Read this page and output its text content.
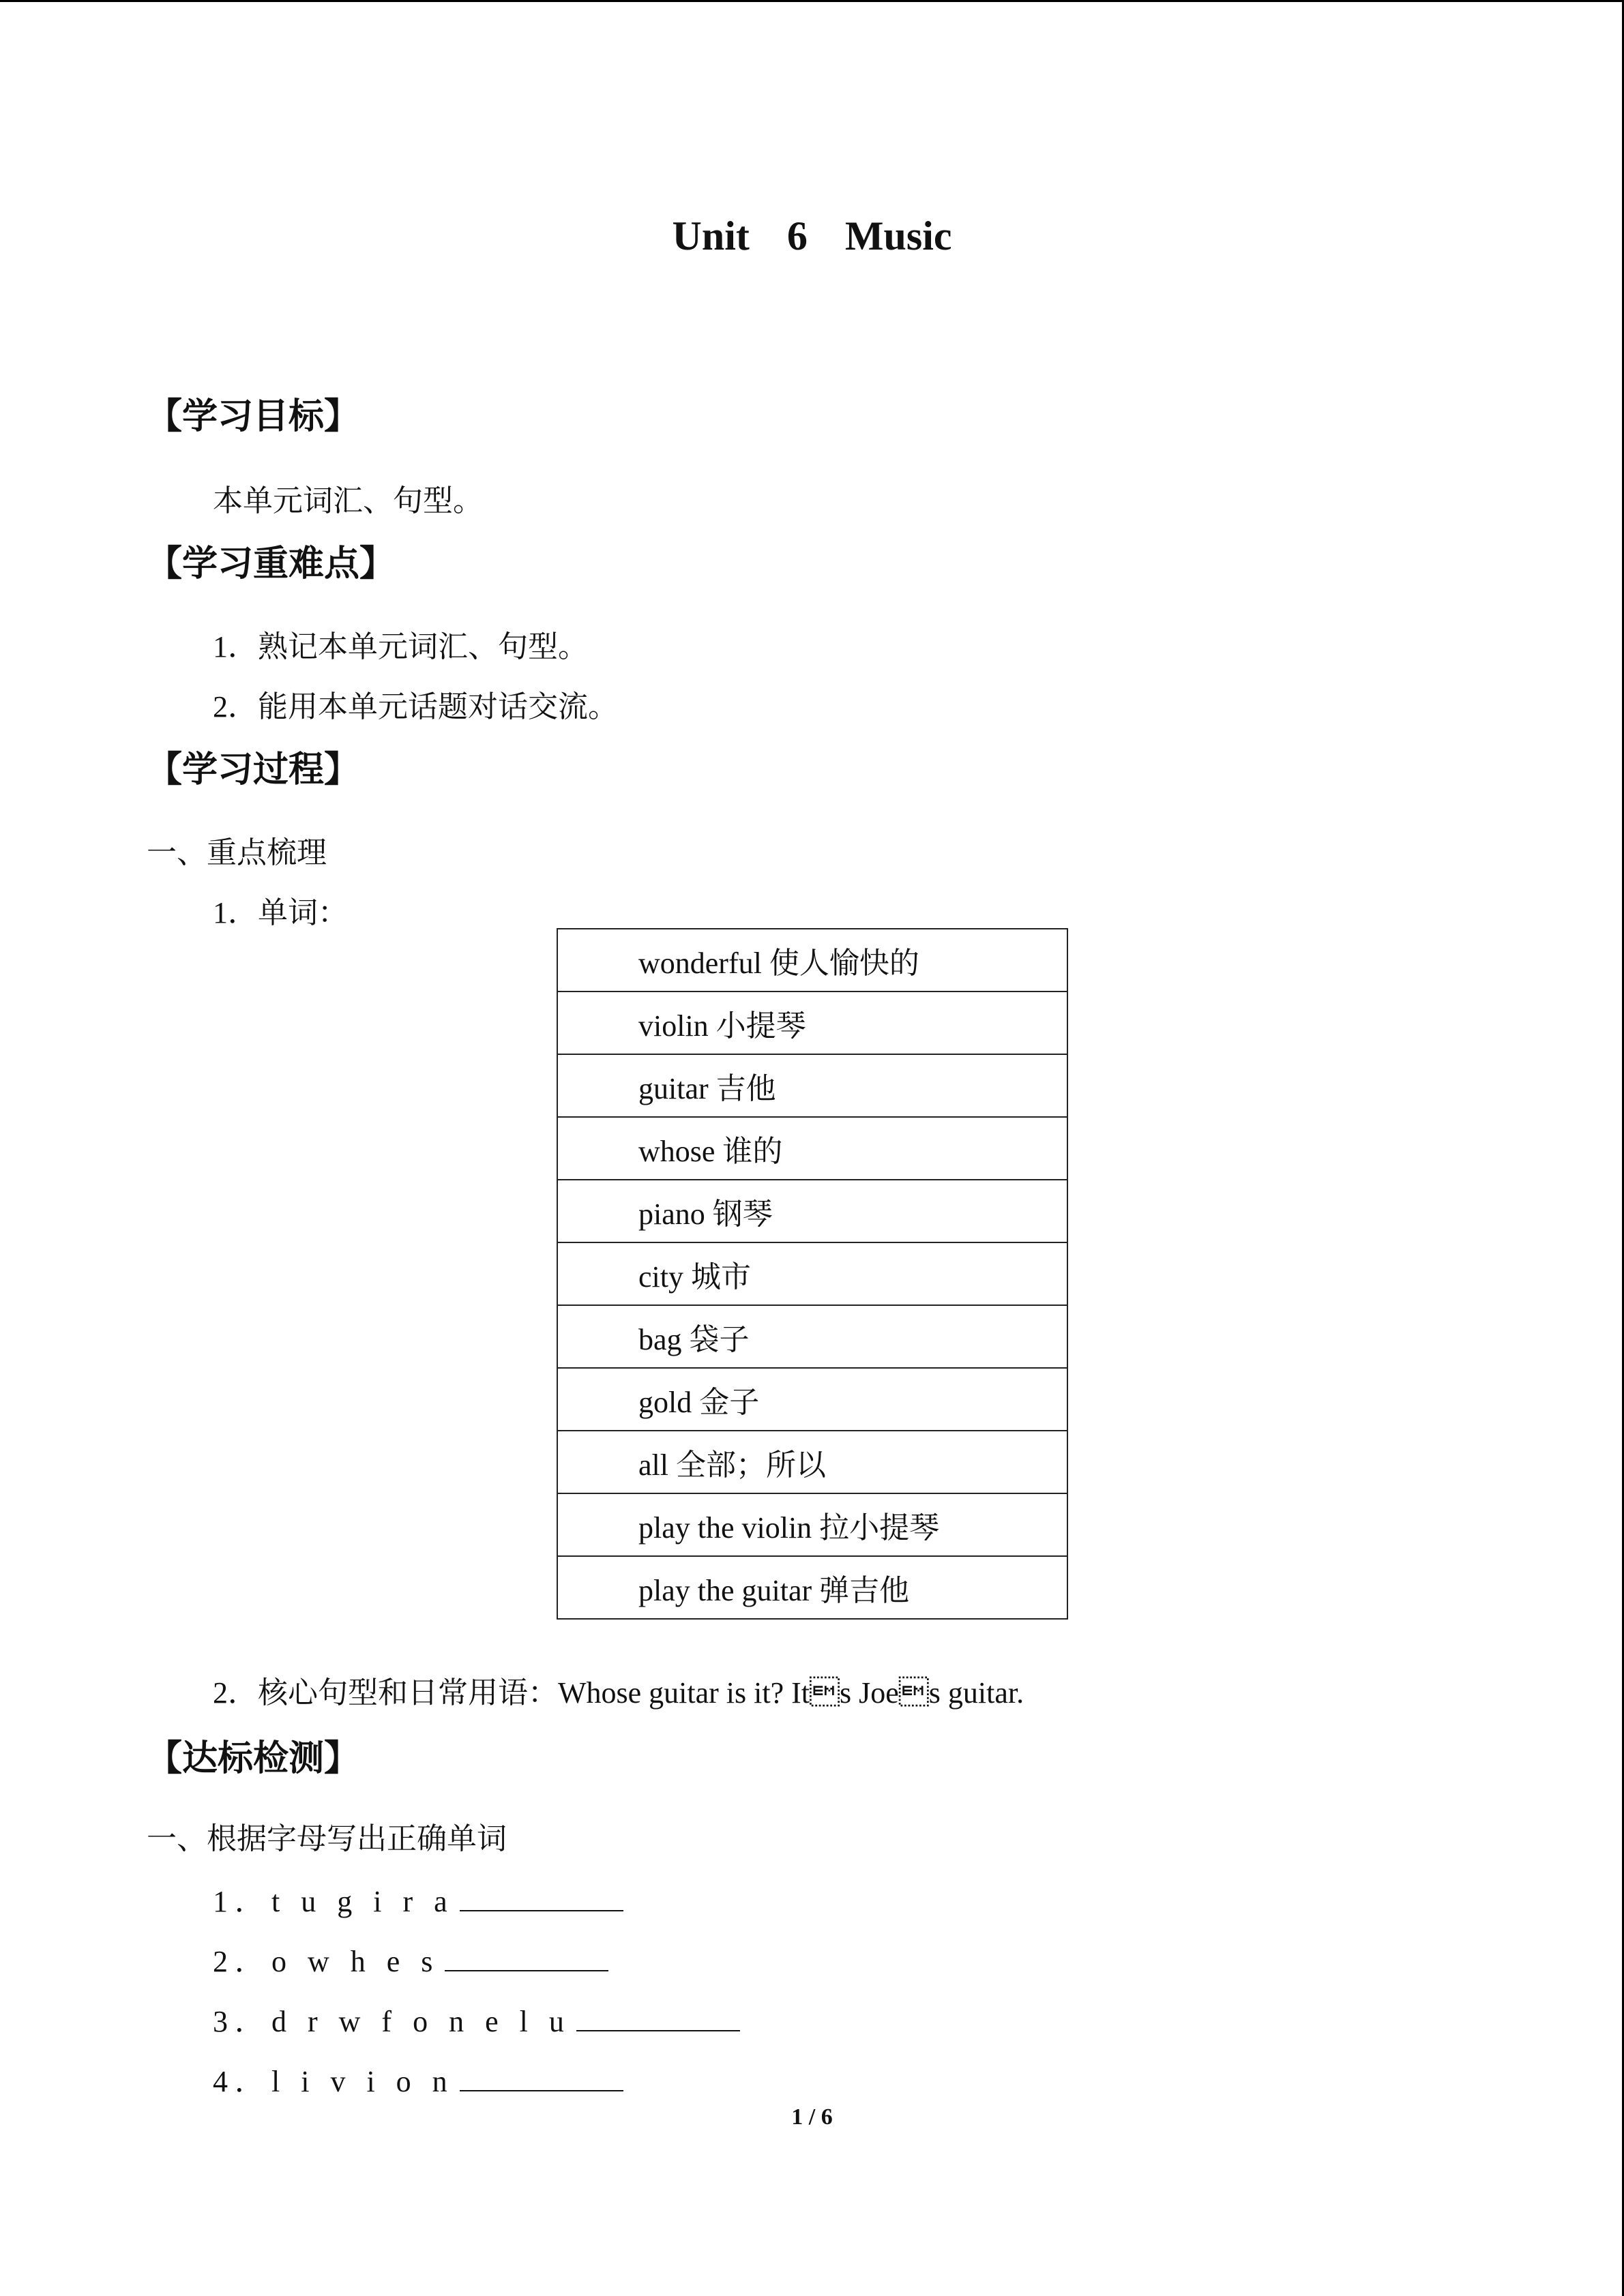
Unit 6 Music
【学习目标】
本单元词汇、句型。
【学习重难点】
1．熟记本单元词汇、句型。
2．能用本单元话题对话交流。
【学习过程】
一、重点梳理
1．单词：
wonderful 使人愉快的
violin 小提琴
guitar 吉他
whose 谁的
piano 钢琴
city 城市
bag 袋子
gold 金子
all 全部；所以
play the violin 拉小提琴
play the guitar 弹吉他
2．核心句型和日常用语：Whose guitar is it? Its Joes guitar.
【达标检测】
一、根据字母写出正确单词
1．t u g i r a
2．o w h e s
3．d r w f o n e l u
4．l i v i o n
1 / 6
